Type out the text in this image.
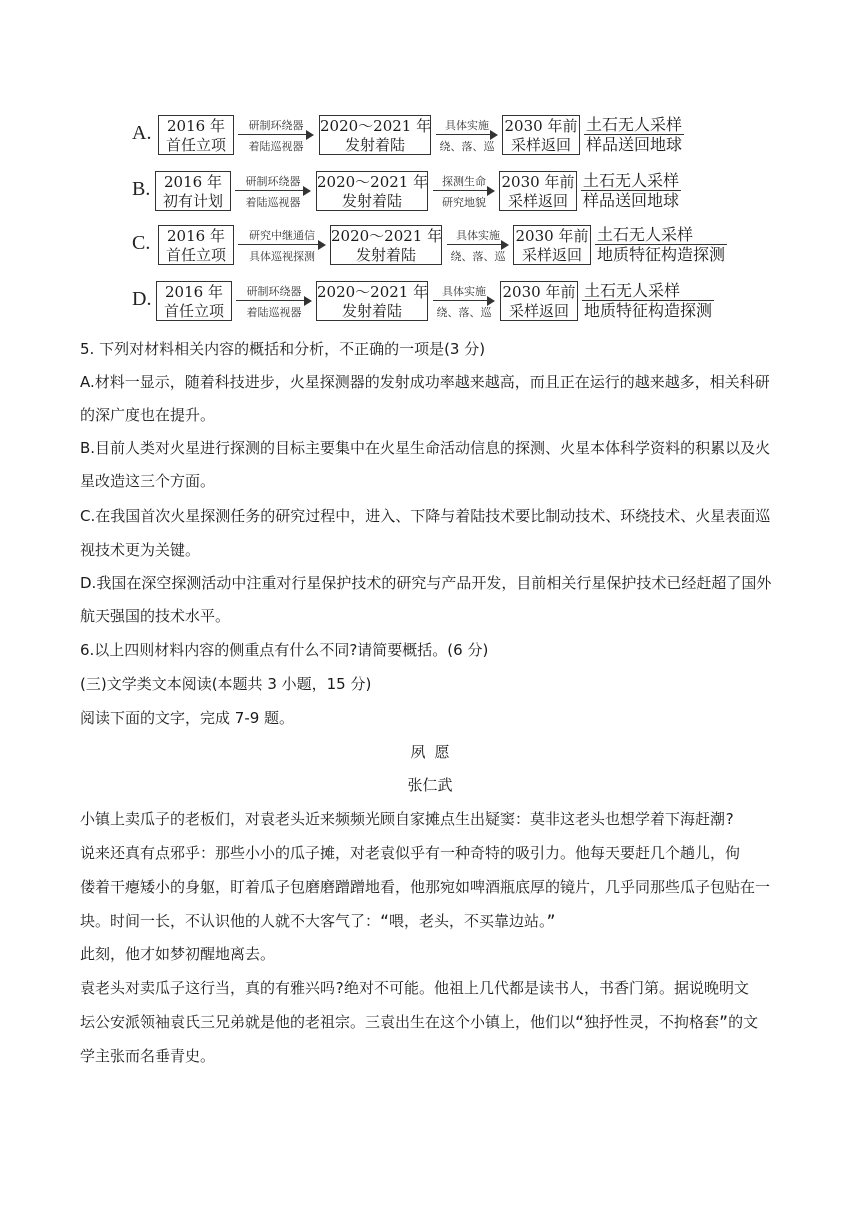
A.	2016 年
首任立项
研制环绕器
着陆巡视器
2020～2021 年
发射着陆
具体实施
绕、落、巡
2030 年前
采样返回
土石无人采样
样品送回地球
B. 2016 年
初有计划
研制环绕器
着陆巡视器
2020～2021 年
发射着陆
探测生命
研究地貌
2030 年前
采样返回
土石无人采样
样品送回地球
C.	2016 年
首任立项
研究中继通信
具体巡视探测
2020～2021 年
发射着陆
具体实施
绕、落、巡
2030 年前
采样返回
土石无人采样
地质特征构造探测
D. 2016 年
首任立项
研制环绕器
着陆巡视器
2020～2021 年
发射着陆
具体实施
绕、落、巡
2030 年前
采样返回
土石无人采样
地质特征构造探测
5. 下列对材料相关内容的概括和分析，不正确的一项是(3 分)
A.材料一显示，随着科技进步，火星探测器的发射成功率越来越高，而且正在运行的越来越多，相关科研
的深广度也在提升。
B.目前人类对火星进行探测的目标主要集中在火星生命活动信息的探测、火星本体科学资料的积累以及火
星改造这三个方面。
C.在我国首次火星探测任务的研究过程中，进入、下降与着陆技术要比制动技术、环绕技术、火星表面巡
视技术更为关键。
D.我国在深空探测活动中注重对行星保护技术的研究与产品开发，目前相关行星保护技术已经赶超了国外
航天强国的技术水平。
6.以上四则材料内容的侧重点有什么不同?请简要概括。(6 分)
(三)文学类文本阅读(本题共 3 小题，15 分)
阅读下面的文字，完成 7-9 题。
夙 愿
张仁武
小镇上卖瓜子的老板们，对袁老头近来频频光顾自家摊点生出疑窦：莫非这老头也想学着下海赶潮?
说来还真有点邪乎：那些小小的瓜子摊，对老袁似乎有一种奇特的吸引力。他每天要赶几个趟儿，佝
偻着干瘪矮小的身躯，盯着瓜子包磨磨蹭蹭地看，他那宛如啤酒瓶底厚的镜片，几乎同那些瓜子包贴在一
块。时间一长，不认识他的人就不大客气了：“喂，老头，不买靠边站。”
此刻，他才如梦初醒地离去。
袁老头对卖瓜子这行当，真的有雅兴吗?绝对不可能。他祖上几代都是读书人，书香门第。据说晚明文
坛公安派领袖袁氏三兄弟就是他的老祖宗。三袁出生在这个小镇上，他们以“独抒性灵，不拘格套”的文
学主张而名垂青史。
